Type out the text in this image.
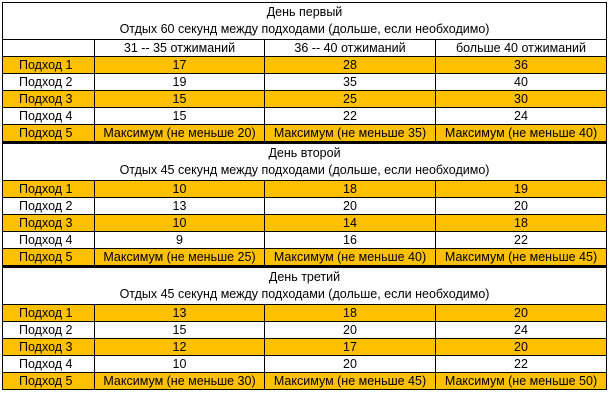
День первый
Отдых 60 секунд между подходами (дольше, если необходимо)			

	31 -- 35 отжиманий	36 -- 40 отжиманий	больше 40 отжиманий
Подход 1	17	28	36
Подход 2	19	35	40
Подход 3	15	25	30
Подход 4	15	22	24
Подход 5	Максимум (не меньше 20)	Максимум (не меньше 35)	Максимум (не меньше 40)

День второй
Отдых 45 секунд между подходами (дольше, если необходимо)			

Подход 1	10	18	19
Подход 2	13	20	20
Подход 3	10	14	18
Подход 4	9	16	22
Подход 5	Максимум (не меньше 25)	Максимум (не меньше 40)	Максимум (не меньше 45)

День третий
Отдых 45 секунд между подходами (дольше, если необходимо)			

Подход 1	13	18	20
Подход 2	15	20	24
Подход 3	12	17	20
Подход 4	10	20	22
Подход 5	Максимум (не меньше 30)	Максимум (не меньше 45)	Максимум (не меньше 50)
